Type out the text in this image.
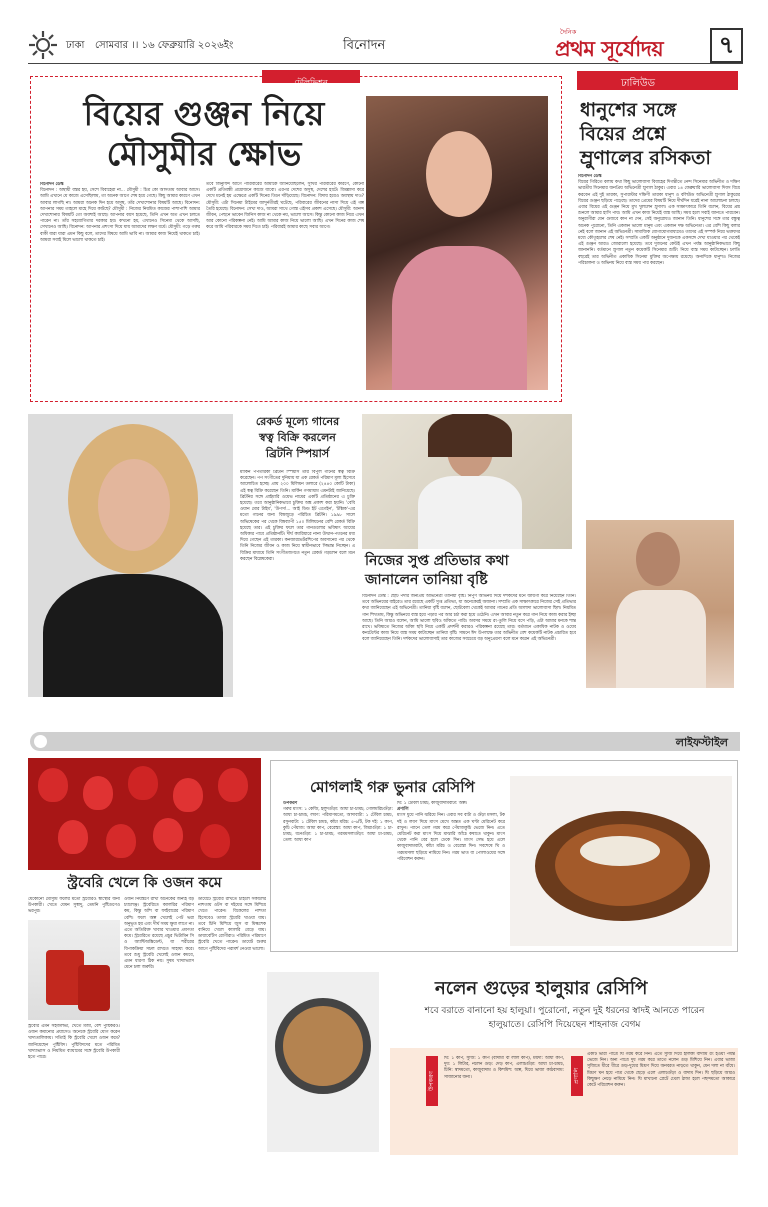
ঢাকা সোমবার ।। ১৬ ফেব্রুয়ারি ২০২৬ইং	বিনোদন
দৈনিক
প্রথম সূর্যোদয়	৭
টেলিভিশন
বিয়ের গুঞ্জন নিয়ে
মৌসুমীর ক্ষোভ
বিনোদন ডেস্ক
বিনোদন : অস্থায়ী বস্তর হয়, সেশে বিবাহেরা না... মৌসুমী : চিত্র কো আসতাম আবার আসে। আমি এখানে যে কাজে এসেছিলাম, তা অনেক আগে শেষ হয়ে গেছে। কিছু আমার কারণে এখন আবার লাগছি না। আমরা অনেক দিন হয়ে অসুস্থ, তাঁর দেখাশোনার বিষয়টি আছে। বিনোদন: আপনার সময় তাহলে মাহে দিয়ে কাটছে? মৌসুমী : নিজের নিয়মিত কাজের পাশাপাশি আমার দেখাশোনার বিষয়টি তো অবশ্যই আছে। আপনার বয়স হয়েছে, তিনি এখন অত এখন চলতে পারেন না। তাঁর সহযোগিতার দরকার হয়। কখনো হয়, এখানেও সিনেমা থেকে আসছি, সেখানেও আছি। বিনোদন: আপনার প্রশংসা দিয়ে যায় আমাদের লক্ষণ ধর্মে। মৌসুমী: গড়ে গরুর বাকী যারা যারা এমন কিছু বলে, তাদের বিষয়ে আমি ভাবি না। আমার কাজ নিয়েই থাকতে চাই। আমরা সবাই মিলে ভালো থাকতে চাই।
তবে জিনুফিদ আগে পারিবারের আমাকে জানিয়েছিলেন, সুখির পরিবারের কারণে, কোনো একটি প্রতিবন্ধী প্রয়োজনে কাজে যাবো। এরপর দেশের অসুস্থ, দেশের হাটে। জিজ্ঞাসা করে দেখে মনেই হয় এক্ষেত্রে একটি দিনের তিনে দাঁড়িয়েছে। বিনোদন: বিদায় হয়েও অবস্থায় দাও? মৌসুমী: এটা সিনেমা টাইমের জাদুর্নতীরই ঘটেছে, পরিবারের জীবনের নাসা দিয়ে এই গল্প তৈরি হয়েছে। বিনোদন: সেখা দাও, আমরা সাথে গোস্ত এইসব প্রকাশ এসেছে। মৌসুমী: আনন্দ জীবন, পেছনে ভাবেন জিনিস কাজ না থেকে নয়, ভালো আসে। কিন্তু কোনো কাজ নিয়ে এখন আর কোনো পরিকল্পনা নেই। আমি আমার কাজ নিয়ে ভালো আছি। এখন দিনের কাজ শেষ করে আমি পরিবারকে সময় দিতে চাই। পরিবারই আমার কাছে সবার আগে।
ঢালিউড
ধানুশের সঙ্গে
বিয়ের প্রশ্নে
ম্রুণালের রসিকতা
বিনোদন ডেস্ক
বিয়ের গিরিতে বলায় কথা কিছু ভালোবাসা বিবাহের দিগন্তীতে নেন্দ সিনেমার অভিনীত ও দক্ষিণ ভারতীয় সিনেমার জনপ্রিয় অভিনেত্রী ম্রুণাল ঠাকুর। এবার ১৪ ফেব্রুয়ারি ভালোবাসা দিবস বিয়ে করবেন এই দুই তারকা, সুপারস্টার দক্ষিণী তারকা ধানুশ ও বলিউড অভিনেত্রী ম্রুণাল ঠাকুরের বিয়ের গুঞ্জন ছড়িয়ে পড়েছে। তাদের প্রেমের বিষয়টি নিয়ে দীর্ঘদিন ধরেই নানা আলোচনা চলছে। এবার বিয়ের এই গুঞ্জন নিয়ে মুখ খুললেন ম্রুণাল। এক সাক্ষাৎকারে তিনি বলেন, বিয়ের প্রশ্ন শুনলে আমার হাসি পায়। আমি এখন কাজ নিয়েই ব্যস্ত আছি। সময় হলে সবাই জানতে পারবেন। অনুরাগীরা যেন গুজবে কান না দেন, সেই অনুরোধও জানান তিনি। ধানুশের সঙ্গে তার বন্ধুত্ব অনেক পুরোনো, তিনি একজন ভালো মানুষ এবং একজন দক্ষ অভিনেতা। এর বেশি কিছু বলার নেই বলে জানান এই অভিনেত্রী। সামাজিক যোগাযোগমাধ্যমেও তাদের এই সম্পর্ক নিয়ে ভক্তদের মধ্যে কৌতূহলের শেষ নেই। সম্প্রতি একটি অনুষ্ঠানে দুজনকে একসঙ্গে দেখা যাওয়ার পর থেকেই এই গুঞ্জন আরও জোরালো হয়েছে। তবে দুজনের কেউই এখন পর্যন্ত আনুষ্ঠানিকভাবে কিছু জানাননি। বর্তমানে ম্রুণাল নতুন কয়েকটি সিনেমার শুটিং নিয়ে ব্যস্ত সময় কাটাচ্ছেন। চলতি বছরেই তার অভিনীত একাধিক সিনেমা মুক্তির অপেক্ষায় রয়েছে। অন্যদিকে ধানুশও নিজের পরিচালনা ও অভিনয় নিয়ে ব্যস্ত সময় পার করছেন।
রেকর্ড মূল্যে গানের
স্বত্ব বিক্রি করলেন
ব্রিটনি স্পিয়ার্স
মার্কিন পপতারকা ব্রিটনি স্পিয়ার্স তার বিপুল গানের স্বত্ব বিক্রি করেছেন। পপ সংগীতের দুনিয়ায় যা এক রেকর্ড পরিমাণ মূল্য হিসেবে আলোচিত হচ্ছে। প্রায় ২০০ মিলিয়ন ডলারে (২৪৪০ কোটি টাকা) এই স্বত্ব বিক্রি করেছেন তিনি। মার্কিন গণমাধ্যম এমনটাই জানিয়েছে। ব্রিটনির সঙ্গে প্রাইমারি ওয়েভ নামের একটি প্রতিষ্ঠানের এ চুক্তি হয়েছে। তবে আনুষ্ঠানিকভাবে চুক্তির অঙ্ক প্রকাশ করা হয়নি। 'বেবি ওয়ান মোর টাইম', 'উপস!... আই ডিড ইট এগেইন', 'টক্সিক'-এর মতো গানের জন্য বিশ্বজুড়ে পরিচিত ব্রিটনি। ১৯৯৮ সালে অভিষেকের পর থেকে বিশ্বব্যাপী ১৫০ মিলিয়নের বেশি রেকর্ড বিক্রি হয়েছে তার। এই চুক্তির ফলে তার গানগুলোর ভবিষ্যৎ আয়ের অধিকার পাবে প্রতিষ্ঠানটি। দীর্ঘ ক্যারিয়ারে নানা উত্থান-পতনের মধ্য দিয়ে গেছেন এই তারকা। কনজারভেটরশিপের অবসানের পর থেকে তিনি নিজের জীবন ও কাজ নিয়ে স্বাধীনভাবে সিদ্ধান্ত নিচ্ছেন। এ বিক্রির মাধ্যমে তিনি সংগীতজগতে নতুন রেকর্ড গড়লেন বলে মনে করছেন বিশ্লেষকেরা।	নিজের সুপ্ত প্রতিভার কথা
জানালেন তানিয়া বৃষ্টি
বিনোদন ডেস্ক : ছোট পর্দার জনপ্রিয় অভিনেত্রী তানিয়া বৃষ্টি। নিপুণ অভিনয় দিয়ে দর্শকদের মনে জায়গা করে নিয়েছেন তিনি। তবে অভিনয়ের বাইরেও তার রয়েছে একটি সুপ্ত প্রতিভা, যা অনেকেরই অজানা। সম্প্রতি এক সাক্ষাৎকারে নিজের সেই প্রতিভার কথা জানিয়েছেন এই অভিনেত্রী। তানিয়া বৃষ্টি বলেন, ছোটবেলা থেকেই আমার গানের প্রতি আলাদা ভালোবাসা ছিল। নিয়মিত গান শিখতাম, কিন্তু অভিনয়ে ব্যস্ত হয়ে পড়ার পর আর চর্চা করা হয়ে ওঠেনি। এখন আবার নতুন করে গান নিয়ে কাজ করার ইচ্ছা আছে। তিনি আরও বলেন, আমি ভালো ছবিও আঁকতে পারি। অবসর সময়ে রং-তুলি নিয়ে বসে পড়ি, এটা আমার মনকে শান্ত রাখে। ভবিষ্যতে নিজের আঁকা ছবি নিয়ে একটি প্রদর্শনী করারও পরিকল্পনা রয়েছে তার। বর্তমানে একাধিক নাটক ও ওয়েব কনটেন্টের কাজ নিয়ে ব্যস্ত সময় কাটাচ্ছেন তানিয়া বৃষ্টি। সামনে ঈদ উপলক্ষে তার অভিনীত বেশ কয়েকটি নাটক প্রচারিত হবে বলে জানিয়েছেন তিনি। দর্শকদের ভালোবাসাই তার কাজের সবচেয়ে বড় অনুপ্রেরণা বলে মনে করেন এই অভিনেত্রী।
লাইফস্টাইল
স্ট্রবেরি খেলে কি ওজন কমে
যেকোনো মৌসুমি ফলের মতো স্ট্রবেরিও স্বাস্থ্যের জন্য উপকারী। খেতে যেমন সুস্বাদু, তেমনি পুষ্টিগুণেও ভরপুর।
স্ট্রবেরি এমন সহজলভ্য, খেতে মজা, বেশ পুষ্টিকরও। ওজন কমানোর প্রয়াসেও অনেকে স্ট্রবেরি যোগ করেন খাদ্যতালিকায়। সত্যিই কি স্ট্রবেরি খেলে ওজন কমে? জানিয়েছেন পুষ্টিবিদ। পুষ্টিবিদদের মতে পরিমিত খাদ্যাভ্যাস ও নিয়মিত ব্যায়ামের সঙ্গে স্ট্রবেরি উপকারী হতে পারে।
ওজন নিয়ন্ত্রণে রাখা অনেকের জন্যই বড় চ্যালেঞ্জ। স্ট্রবেরিতে ক্যালরির পরিমাণ কম, কিন্তু আঁশ বা ফাইবারের পরিমাণ বেশি। ফলে অল্প খেলেই পেট ভরা অনুভূত হয় এবং দীর্ঘ সময় ক্ষুধা লাগে না। এতে অতিরিক্ত খাবার খাওয়ার প্রবণতা কমে। স্ট্রবেরিতে রয়েছে প্রচুর ভিটামিন সি ও অ্যান্টিঅক্সিডেন্ট, যা শরীরের বিপাকক্রিয়া সচল রাখতে সাহায্য করে। তবে শুধু স্ট্রবেরি খেলেই ওজন কমবে, এমন ধারণা ঠিক নয়। সুষম খাদ্যাভ্যাস মেনে চলা জরুরি।
ডায়েটে স্ট্রবেরি রাখতে চাইলে সকালের নাশতায় ওটস বা দইয়ের সঙ্গে মিশিয়ে খেতে পারেন। বিকেলের নাশতা হিসেবেও তাজা স্ট্রবেরি খাওয়া যায়। তবে চিনি মিশিয়ে জুস বা মিল্কশেক বানিয়ে খেলে ক্যালরি বেড়ে যায়। ডায়াবেটিস রোগীরাও পরিমিত পরিমাণে স্ট্রবেরি খেতে পারেন। ডায়েট শুরুর আগে পুষ্টিবিদের পরামর্শ নেওয়া ভালো।
মোগলাই গরু ভুনার রেসিপি
উপকরণ
গরুর মাংস: ১ কেজি, হলুদগুঁড়া: আধা চা-চামচ, গোলমরিচগুঁড়া: আধা চা-চামচ, লবণ: পরিমাণমতো, আদাবাটা: ১ টেবিল চামচ, রসুনবাটা: ১ টেবিল চামচ, কাঁচা মরিচ: ৫-৬টি, টক দই: ১ কাপ, কুচি পেঁয়াজ: আধা কাপ, বেরেস্তা: আধা কাপ, জিরাগুঁড়া: ১ চা-চামচ, ধনেগুঁড়া: ১ চা-চামচ, গরমমসলাগুঁড়া: আধা চা-চামচ, তেল: আধা কাপ
ঘি: ১ টেবিল চামচ, কাজুবাদামবাটা: অল্প।
প্রণালি
মাংস ধুয়ে পানি ঝরিয়ে নিন। এবার সব বাটা ও গুঁড়া মসলা, টক দই ও লবণ দিয়ে মাংস মেখে অন্তত এক ঘণ্টা মেরিনেট করে রাখুন। প্যানে তেল গরম করে পেঁয়াজকুচি ভেজে নিন। এতে মেরিনেট করা মাংস দিয়ে মাঝারি আঁচে কষাতে থাকুন। মাংস থেকে পানি বের হলে ঢেকে দিন। মাংস সেদ্ধ হয়ে এলে কাজুবাদামবাটা, কাঁচা মরিচ ও বেরেস্তা দিন। সবশেষে ঘি ও গরমমসলা ছড়িয়ে নামিয়ে নিন। গরম ভাত বা পোলাওয়ের সঙ্গে পরিবেশন করুন।
নলেন গুড়ের হালুয়ার রেসিপি
শবে বরাতে বানানো হয় হালুয়া। পুরোনো, নতুন দুই ধরনের স্বাদই আনতে পারেন
হালুয়াতে। রেসিপি দিয়েছেন শাহনাজ বেগম
উপকরণ
ঘি: ১ কাপ, সুজি: ১ কাপ (বাদামী বা লাল কাপ), ময়দা: আধা কাপ, দুধ: ১ লিটার, নলেন গুড়: দেড় কাপ, এলাচগুঁড়া: আধা চা-চামচ, চিনি: স্বাদমতো, কাজুবাদাম ও কিশমিশ: অল্প, ঘিয়ে ভাজা কাঠবাদাম: সাজানোর জন্য।	প্রণালি
একটি ভারী পাত্রে ঘি গরম করে নিন। এতে সুজি দিয়ে হালকা বাদামি রং হওয়া পর্যন্ত ভেজে নিন। অন্য পাত্রে দুধ গরম করে তাতে নলেন গুড় মিশিয়ে নিন। এবার ভাজা সুজিতে ধীরে ধীরে গুড়-দুধের মিশ্রণ দিয়ে অনবরত নাড়তে থাকুন, যেন দলা না বাঁধে। মিশ্রণ ঘন হয়ে পাত্র থেকে ছেড়ে এলে এলাচগুঁড়া ও বাদাম দিন। ঘি ছড়িয়ে আরও কিছুক্ষণ নেড়ে নামিয়ে নিন। ঘি মাখানো প্লেটে ঢেলে ঠান্ডা হলে পছন্দমতো আকারে কেটে পরিবেশন করুন।
